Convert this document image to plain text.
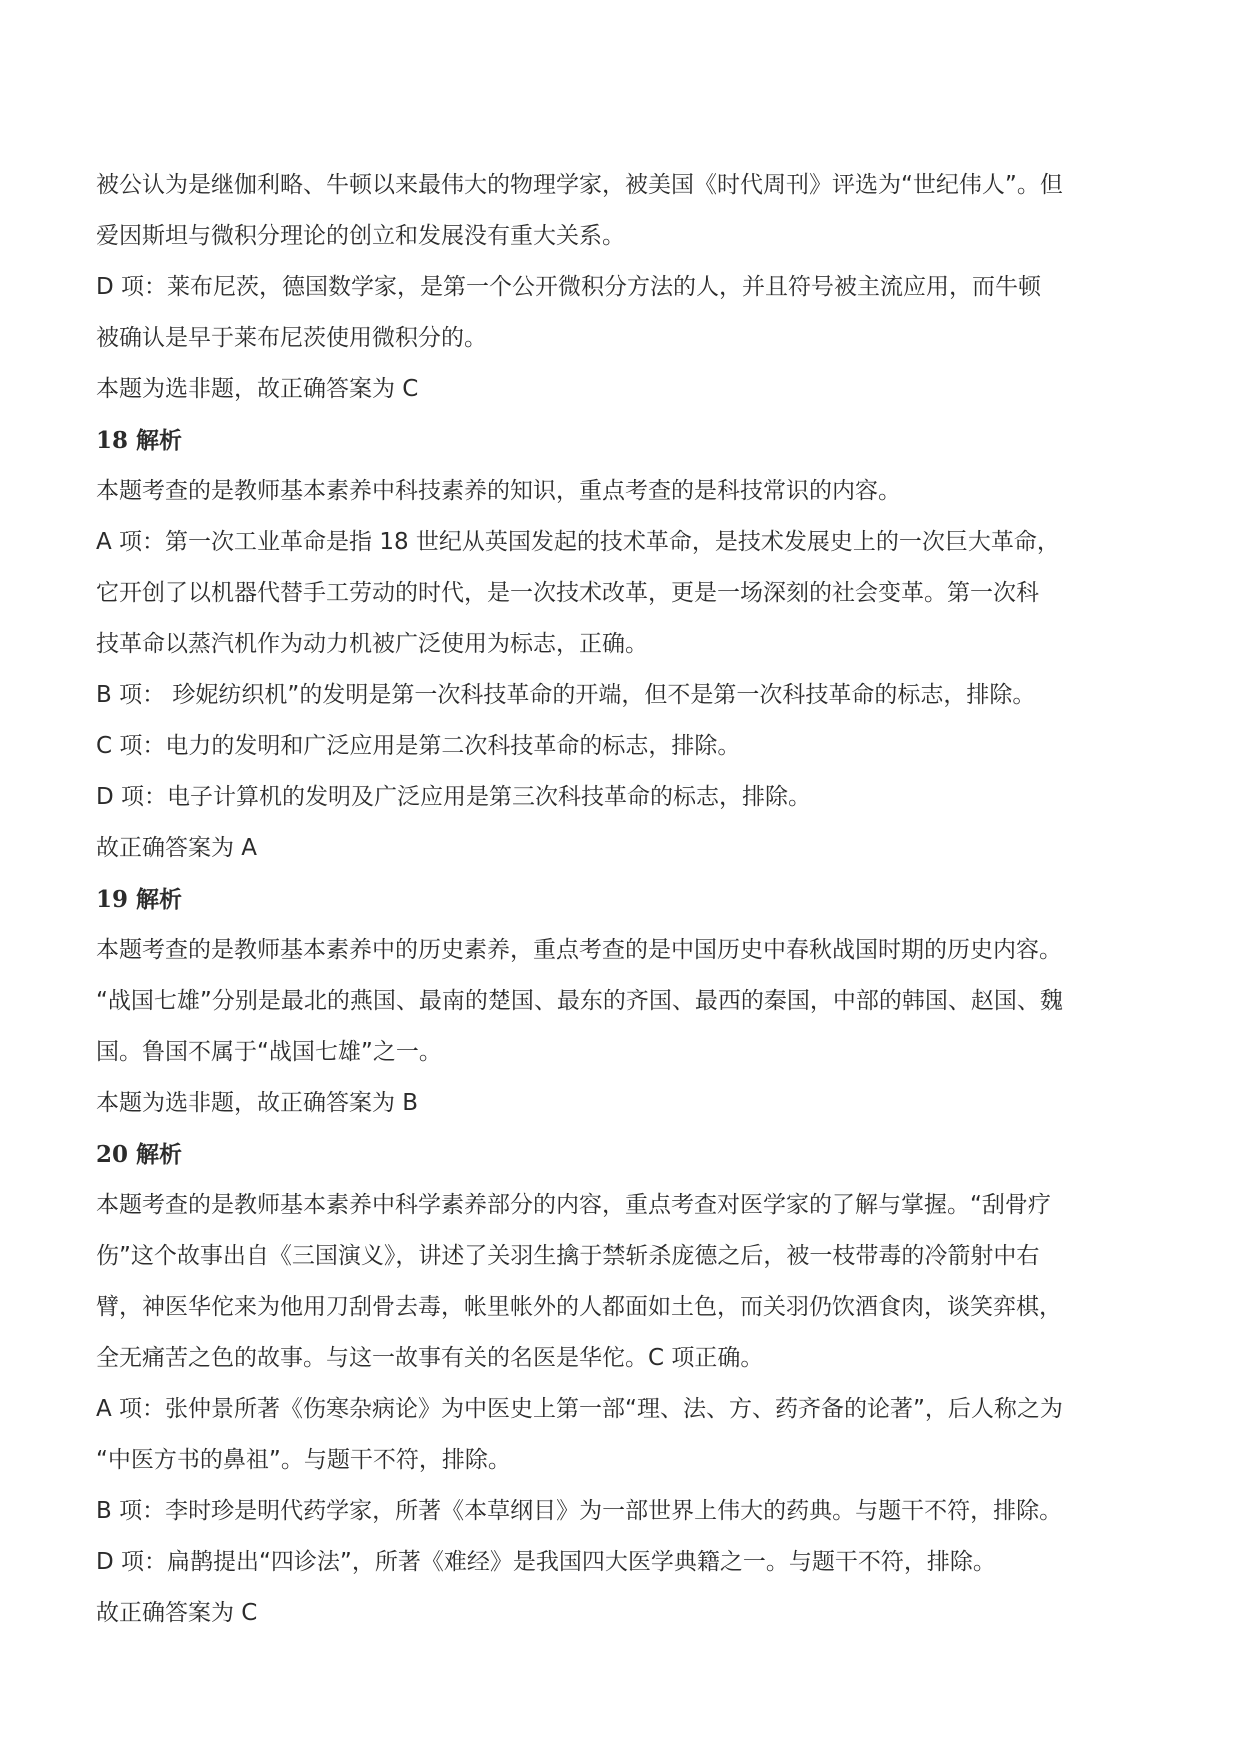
被公认为是继伽利略、牛顿以来最伟大的物理学家，被美国《时代周刊》评选为“世纪伟人”。但

爱因斯坦与微积分理论的创立和发展没有重大关系。

D 项：莱布尼茨，德国数学家，是第一个公开微积分方法的人，并且符号被主流应用，而牛顿

被确认是早于莱布尼茨使用微积分的。

本题为选非题，故正确答案为 C

18 解析

本题考查的是教师基本素养中科技素养的知识，重点考查的是科技常识的内容。

A 项：第一次工业革命是指 18 世纪从英国发起的技术革命，是技术发展史上的一次巨大革命，

它开创了以机器代替手工劳动的时代，是一次技术改革，更是一场深刻的社会变革。第一次科

技革命以蒸汽机作为动力机被广泛使用为标志，正确。

B 项： 珍妮纺织机”的发明是第一次科技革命的开端，但不是第一次科技革命的标志，排除。

C 项：电力的发明和广泛应用是第二次科技革命的标志，排除。

D 项：电子计算机的发明及广泛应用是第三次科技革命的标志，排除。

故正确答案为 A

19 解析

本题考查的是教师基本素养中的历史素养，重点考查的是中国历史中春秋战国时期的历史内容。

“战国七雄”分别是最北的燕国、最南的楚国、最东的齐国、最西的秦国，中部的韩国、赵国、魏

国。鲁国不属于“战国七雄”之一。

本题为选非题，故正确答案为 B

20 解析

本题考查的是教师基本素养中科学素养部分的内容，重点考查对医学家的了解与掌握。“刮骨疗

伤”这个故事出自《三国演义》，讲述了关羽生擒于禁斩杀庞德之后，被一枝带毒的冷箭射中右

臂，神医华佗来为他用刀刮骨去毒，帐里帐外的人都面如土色，而关羽仍饮酒食肉，谈笑弈棋，

全无痛苦之色的故事。与这一故事有关的名医是华佗。C 项正确。

A 项：张仲景所著《伤寒杂病论》为中医史上第一部“理、法、方、药齐备的论著”，后人称之为

“中医方书的鼻祖”。与题干不符，排除。

B 项：李时珍是明代药学家，所著《本草纲目》为一部世界上伟大的药典。与题干不符，排除。

D 项：扁鹊提出“四诊法”，所著《难经》是我国四大医学典籍之一。与题干不符，排除。

故正确答案为 C
